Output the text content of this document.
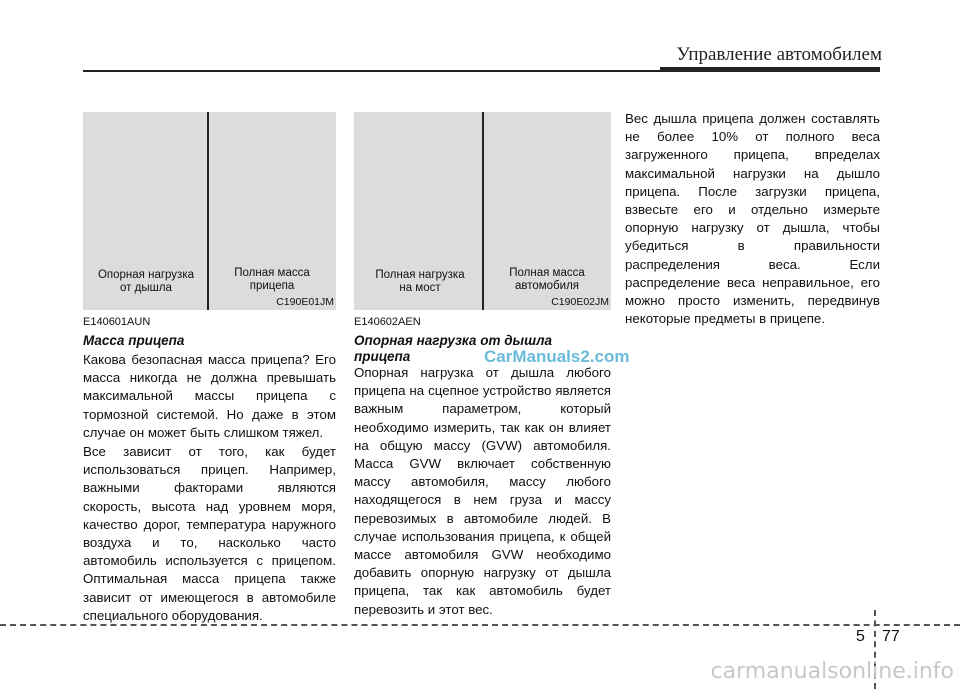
Управление автомобилем
Опорная нагрузка
от дышла
Полная масса
прицепа
C190E01JM
Полная нагрузка
на мост
Полная масса
автомобиля
C190E02JM
E140601AUN
Масса прицепа

Какова безопасная масса прицепа? Его масса никогда не должна превышать максимальной массы прицепа с тормозной системой. Но даже в этом случае он может быть слишком тяжел.

Все зависит от того, как будет использоваться прицеп. Например, важными факторами являются скорость, высота над уровнем моря, качество дорог, температура наружного воздуха и то, насколько часто автомобиль используется с прицепом. Оптимальная масса прицепа также зависит от имеющегося в автомобиле специального оборудования.

E140602AEN
Опорная нагрузка от дышла прицепа

Опорная нагрузка от дышла любого прицепа на сцепное устройство является важным параметром, который необходимо измерить, так как он влияет на общую массу (GVW) автомобиля. Масса GVW включает собственную массу автомобиля, массу любого находящегося в нем груза и массу перевозимых в автомобиле людей. В случае использования прицепа, к общей массе автомобиля GVW необходимо добавить опорную нагрузку от дышла прицепа, так как автомобиль будет перевозить и этот вес.

CarManuals2.com

Вес дышла прицепа должен составлять не более 10% от полного веса загруженного прицепа, впределах максимальной нагрузки на дышло прицепа. После загрузки прицепа, взвесьте его и отдельно измерьте опорную нагрузку от дышла, чтобы убедиться в правильности распределения веса. Если распределение веса неправильное, его можно просто изменить, передвинув некоторые предметы в прицепе.

5 77
carmanualsonline.info
